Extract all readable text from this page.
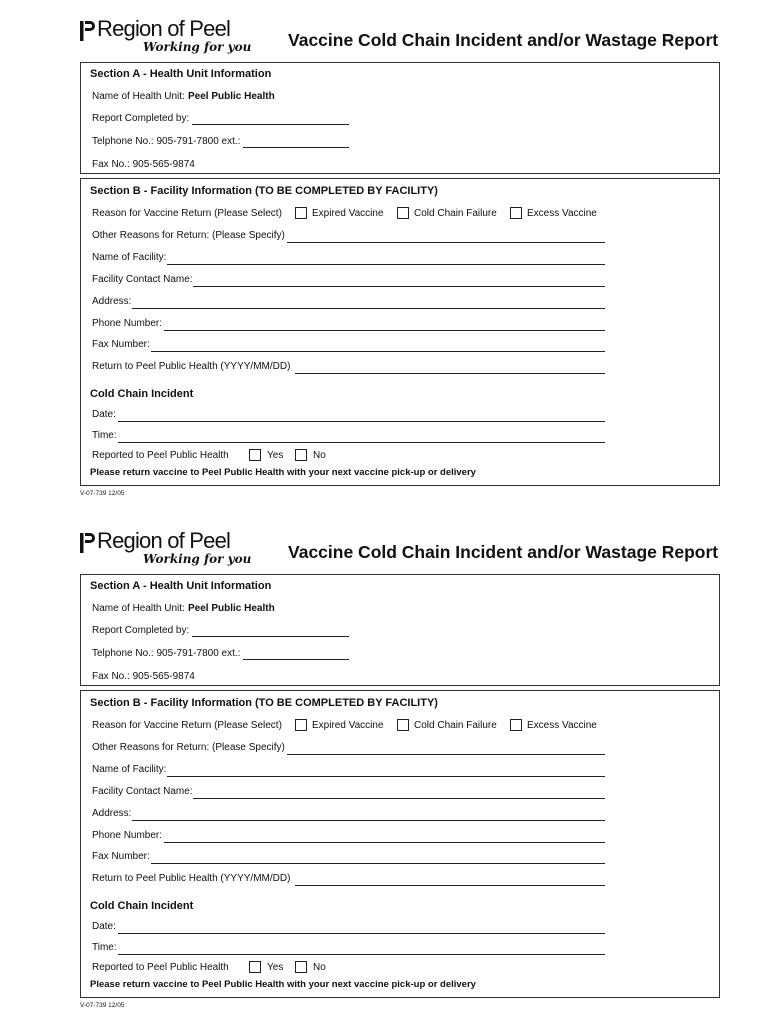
Region of Peel
Working for you Vaccine Cold Chain Incident and/or Wastage Report
Section A - Health Unit Information
Name of Health Unit: Peel Public Health
Report Completed by:
Telphone No.: 905-791-7800 ext.:
Fax No.: 905-565-9874
Section B - Facility Information (TO BE COMPLETED BY FACILITY)
Reason for Vaccine Return (Please Select)	Expired Vaccine	Cold Chain Failure	Excess Vaccine
Other Reasons for Return: (Please Specify)
Name of Facility:
Facility Contact Name:
Address:
Phone Number:
Fax Number:
Return to Peel Public Health (YYYY/MM/DD)
Cold Chain Incident
Date:
Time:
Reported to Peel Public Health	Yes	No
Please return vaccine to Peel Public Health with your next vaccine pick-up or delivery
V-07-739 12/05
Region of Peel
Working for you Vaccine Cold Chain Incident and/or Wastage Report
Section A - Health Unit Information
Name of Health Unit: Peel Public Health
Report Completed by:
Telphone No.: 905-791-7800 ext.:
Fax No.: 905-565-9874
Section B - Facility Information (TO BE COMPLETED BY FACILITY)
Reason for Vaccine Return (Please Select)	Expired Vaccine	Cold Chain Failure	Excess Vaccine
Other Reasons for Return: (Please Specify)
Name of Facility:
Facility Contact Name:
Address:
Phone Number:
Fax Number:
Return to Peel Public Health (YYYY/MM/DD)
Cold Chain Incident
Date:
Time:
Reported to Peel Public Health	Yes	No
Please return vaccine to Peel Public Health with your next vaccine pick-up or delivery
V-07-739 12/05
